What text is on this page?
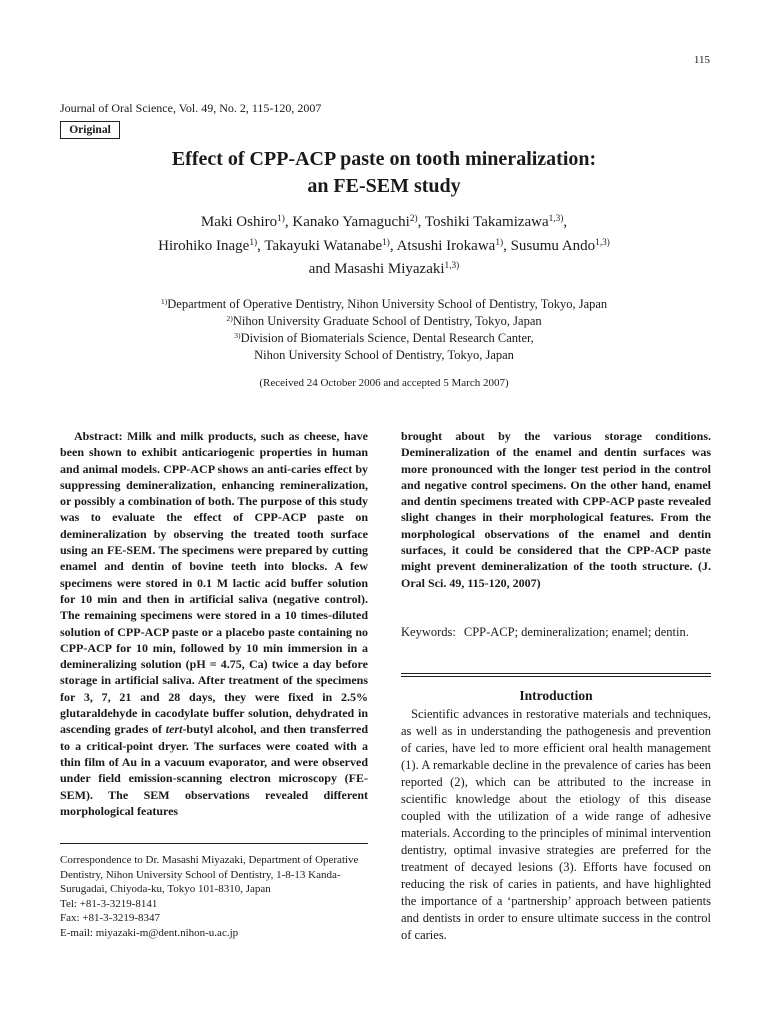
115
Journal of Oral Science, Vol. 49, No. 2, 115-120, 2007
Original
Effect of CPP-ACP paste on tooth mineralization:
an FE-SEM study
Maki Oshiro$^{1)}$, Kanako Yamaguchi$^{2)}$, Toshiki Takamizawa$^{1,3)}$,
Hirohiko Inage$^{1)}$, Takayuki Watanabe$^{1)}$, Atsushi Irokawa$^{1)}$, Susumu Ando$^{1,3)}$
and Masashi Miyazaki$^{1,3)}$
$^{1)}$Department of Operative Dentistry, Nihon University School of Dentistry, Tokyo, Japan
$^{2)}$Nihon University Graduate School of Dentistry, Tokyo, Japan
$^{3)}$Division of Biomaterials Science, Dental Research Canter,
Nihon University School of Dentistry, Tokyo, Japan
(Received 24 October 2006 and accepted 5 March 2007)
Abstract: Milk and milk products, such as cheese, have been shown to exhibit anticariogenic properties in human and animal models. CPP-ACP shows an anti-caries effect by suppressing demineralization, enhancing remineralization, or possibly a combination of both. The purpose of this study was to evaluate the effect of CPP-ACP paste on demineralization by observing the treated tooth surface using an FE-SEM. The specimens were prepared by cutting enamel and dentin of bovine teeth into blocks. A few specimens were stored in 0.1 M lactic acid buffer solution for 10 min and then in artificial saliva (negative control). The remaining specimens were stored in a 10 times-diluted solution of CPP-ACP paste or a placebo paste containing no CPP-ACP for 10 min, followed by 10 min immersion in a demineralizing solution (pH = 4.75, Ca) twice a day before storage in artificial saliva. After treatment of the specimens for 3, 7, 21 and 28 days, they were fixed in 2.5% glutaraldehyde in cacodylate buffer solution, dehydrated in ascending grades of tert-butyl alcohol, and then transferred to a critical-point dryer. The surfaces were coated with a thin film of Au in a vacuum evaporator, and were observed under field emission-scanning electron microscopy (FE-SEM). The SEM observations revealed different morphological features
Correspondence to Dr. Masashi Miyazaki, Department of Operative Dentistry, Nihon University School of Dentistry, 1-8-13 Kanda-Surugadai, Chiyoda-ku, Tokyo 101-8310, Japan
Tel: +81-3-3219-8141
Fax: +81-3-3219-8347
E-mail: miyazaki-m@dent.nihon-u.ac.jp
brought about by the various storage conditions. Demineralization of the enamel and dentin surfaces was more pronounced with the longer test period in the control and negative control specimens. On the other hand, enamel and dentin specimens treated with CPP-ACP paste revealed slight changes in their morphological features. From the morphological observations of the enamel and dentin surfaces, it could be considered that the CPP-ACP paste might prevent demineralization of the tooth structure. (J. Oral Sci. 49, 115-120, 2007)
Keywords: CPP-ACP; demineralization; enamel; dentin.
Introduction
Scientific advances in restorative materials and techniques, as well as in understanding the pathogenesis and prevention of caries, have led to more efficient oral health management (1). A remarkable decline in the prevalence of caries has been reported (2), which can be attributed to the increase in scientific knowledge about the etiology of this disease coupled with the utilization of a wide range of adhesive materials. According to the principles of minimal intervention dentistry, optimal invasive strategies are preferred for the treatment of decayed lesions (3). Efforts have focused on reducing the risk of caries in patients, and have highlighted the importance of a ‘partnership’ approach between patients and dentists in order to ensure ultimate success in the control of caries.
